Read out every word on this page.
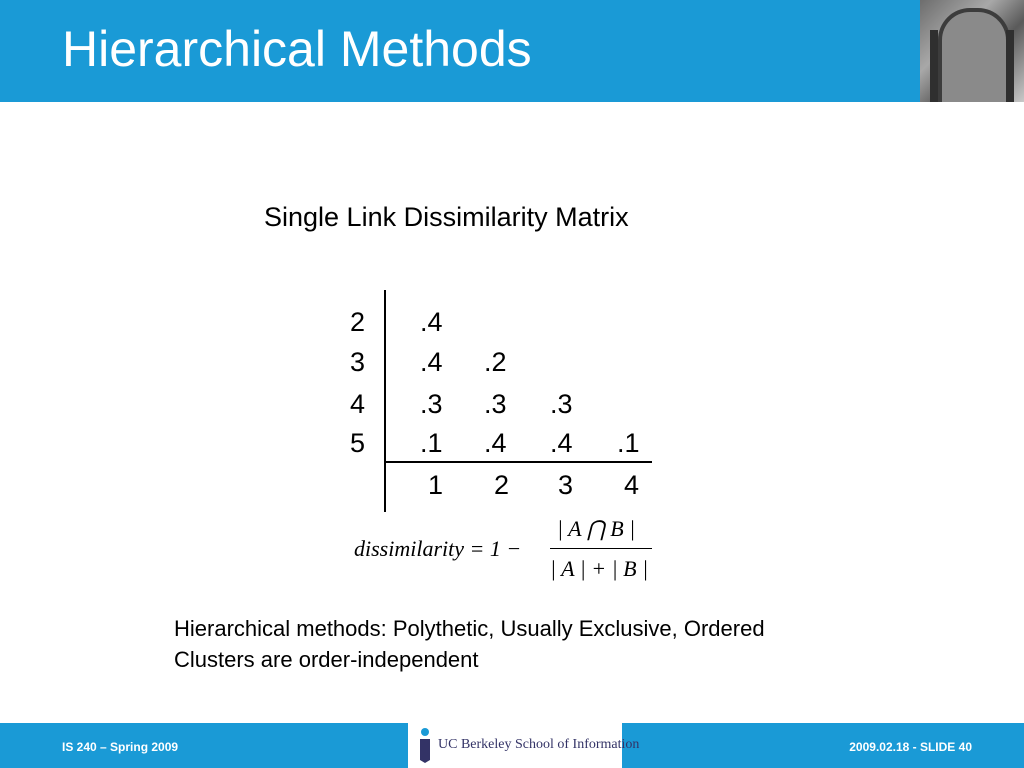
Hierarchical Methods
Single Link Dissimilarity Matrix
2 .4
3 .4 .2
4 .3 .3 .3
5 .1 .4 .4 .1
1 2 3 4
dissimilarity = 1 −
| A ⋂ B |
| A | + | B |
Hierarchical methods: Polythetic, Usually Exclusive, Ordered
Clusters are order-independent
IS 240 – Spring 2009	UC Berkeley School of Information	2009.02.18 - SLIDE 40
